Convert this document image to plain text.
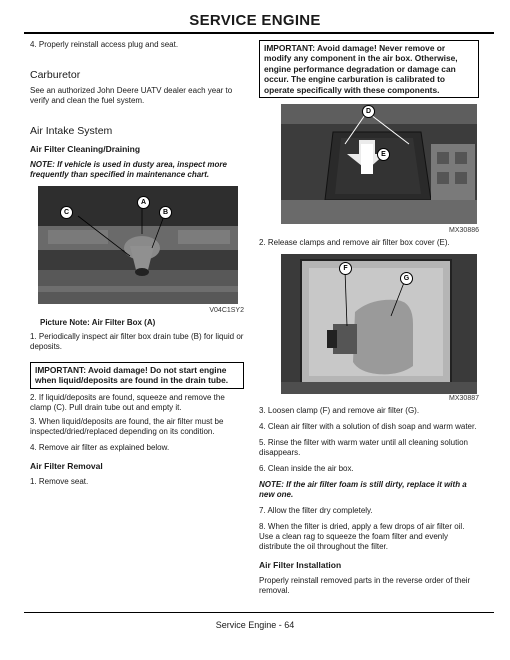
SERVICE ENGINE

4. Properly reinstall access plug and seat.

Carburetor

See an authorized John Deere UATV dealer each year to verify and clean the fuel system.

Air Intake System

Air Filter Cleaning/Draining

NOTE: If vehicle is used in dusty area, inspect more frequently than specified in maintenance chart.

A
C	B

V04C1SY2

Picture Note: Air Filter Box (A)

1. Periodically inspect air filter box drain tube (B) for liquid or deposits.

IMPORTANT: Avoid damage! Do not start engine when liquid/deposits are found in the drain tube.

2. If liquid/deposits are found, squeeze and remove the clamp (C). Pull drain tube out and empty it.

3. When liquid/deposits are found, the air filter must be inspected/dried/replaced depending on its condition.

4. Remove air filter as explained below.

Air Filter Removal

1. Remove seat.

IMPORTANT: Avoid damage! Never remove or modify any component in the air box. Otherwise, engine performance degradation or damage can occur. The engine carburation is calibrated to operate specifically with these components.
D
E

MX30886

2. Release clamps and remove air filter box cover (E).

F
G

MX30887

3. Loosen clamp (F) and remove air filter (G).

4. Clean air filter with a solution of dish soap and warm water.

5. Rinse the filter with warm water until all cleaning solution disappears.

6. Clean inside the air box.

NOTE: If the air filter foam is still dirty, replace it with a new one.

7. Allow the filter dry completely.

8. When the filter is dried, apply a few drops of air filter oil. Use a clean rag to squeeze the foam filter and evenly distribute the oil throughout the filter.

Air Filter Installation

Properly reinstall removed parts in the reverse order of their removal.

Service Engine - 64
